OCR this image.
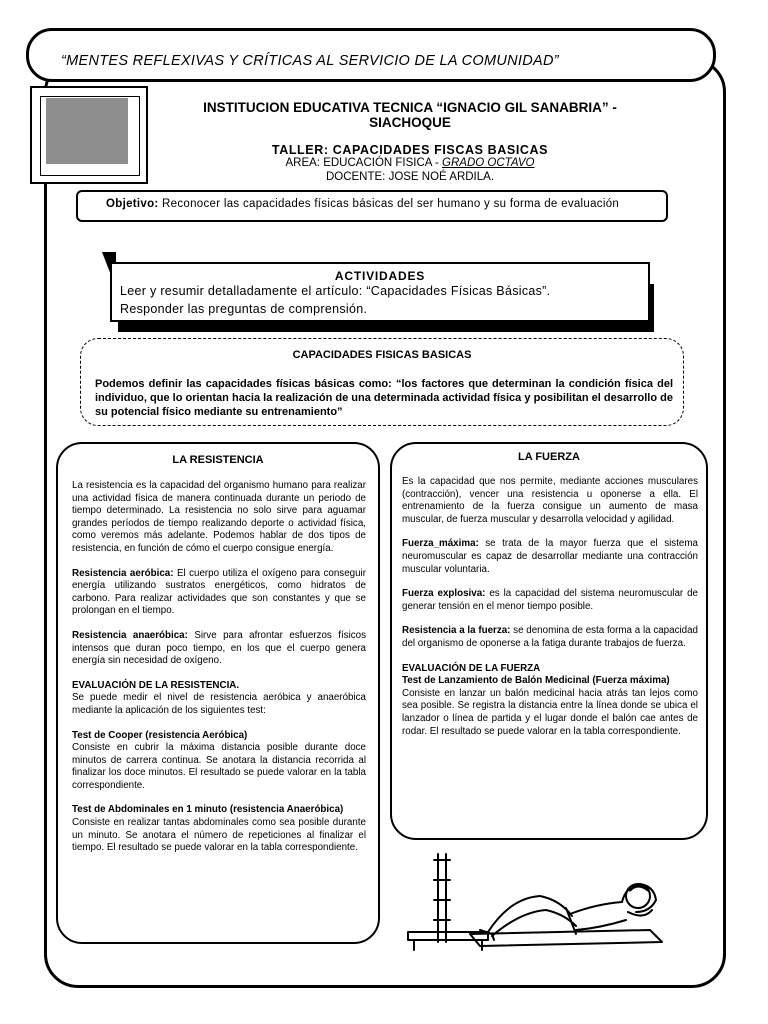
“MENTES REFLEXIVAS Y CRÍTICAS AL SERVICIO DE LA COMUNIDAD”
INSTITUCION EDUCATIVA TECNICA “IGNACIO GIL SANABRIA” -
SIACHOQUE
TALLER: CAPACIDADES FISCAS BASICAS
AREA: EDUCACIÓN FISICA - GRADO OCTAVO
DOCENTE: JOSE NOÉ ARDILA.
Objetivo: Reconocer las capacidades físicas básicas del ser humano y su forma de evaluación
ACTIVIDADES
Leer y resumir detalladamente el artículo: “Capacidades Físicas Básicas”.
Responder las preguntas de comprensión.
CAPACIDADES FISICAS BASICAS
Podemos definir las capacidades físicas básicas como: “los factores que determinan la condición física del individuo, que lo orientan hacia la realización de una determinada actividad física y posibilitan el desarrollo de su potencial físico mediante su entrenamiento”
LA RESISTENCIA

La resistencia es la capacidad del organismo humano para realizar una actividad física de manera continuada durante un periodo de tiempo determinado. La resistencia no solo sirve para aguamar grandes períodos de tiempo realizando deporte o actividad física, como veremos más adelante. Podemos hablar de dos tipos de resistencia, en función de cómo el cuerpo consigue energía.

Resistencia aeróbica: El cuerpo utiliza el oxígeno para conseguir energía utilizando sustratos energéticos, como hidratos de carbono. Para realizar actividades que son constantes y que se prolongan en el tiempo.

Resistencia anaeróbica: Sirve para afrontar esfuerzos físicos intensos que duran poco tiempo, en los que el cuerpo genera energía sin necesidad de oxígeno.

EVALUACIÓN DE LA RESISTENCIA.
Se puede medir el nivel de resistencia aeróbica y anaeróbica mediante la aplicación de los siguientes test:

Test de Cooper (resistencia Aeróbica)
Consiste en cubrir la máxima distancia posible durante doce minutos de carrera continua. Se anotara la distancia recorrida al finalizar los doce minutos. El resultado se puede valorar en la tabla correspondiente.

Test de Abdominales en 1 minuto (resistencia Anaeróbica)
Consiste en realizar tantas abdominales como sea posible durante un minuto. Se anotara el número de repeticiones al finalizar el tiempo. El resultado se puede valorar en la tabla correspondiente.

LA FUERZA

Es la capacidad que nos permite, mediante acciones musculares (contracción), vencer una resistencia u oponerse a ella. El entrenamiento de la fuerza consigue un aumento de masa muscular, de fuerza muscular y desarrolla velocidad y agilidad.

Fuerza_máxima: se trata de la mayor fuerza que el sistema neuromuscular es capaz de desarrollar mediante una contracción muscular voluntaria.

Fuerza explosiva: es la capacidad del sistema neuromuscular de generar tensión en el menor tiempo posible.

Resistencia a la fuerza: se denomina de esta forma a la capacidad del organismo de oponerse a la fatiga durante trabajos de fuerza.

EVALUACIÓN DE LA FUERZA
Test de Lanzamiento de Balón Medicinal (Fuerza máxima)
Consiste en lanzar un balón medicinal hacia atrás tan lejos como sea posible. Se registra la distancia entre la línea donde se ubica el lanzador o línea de partida y el lugar donde el balón cae antes de rodar. El resultado se puede valorar en la tabla correspondiente.
